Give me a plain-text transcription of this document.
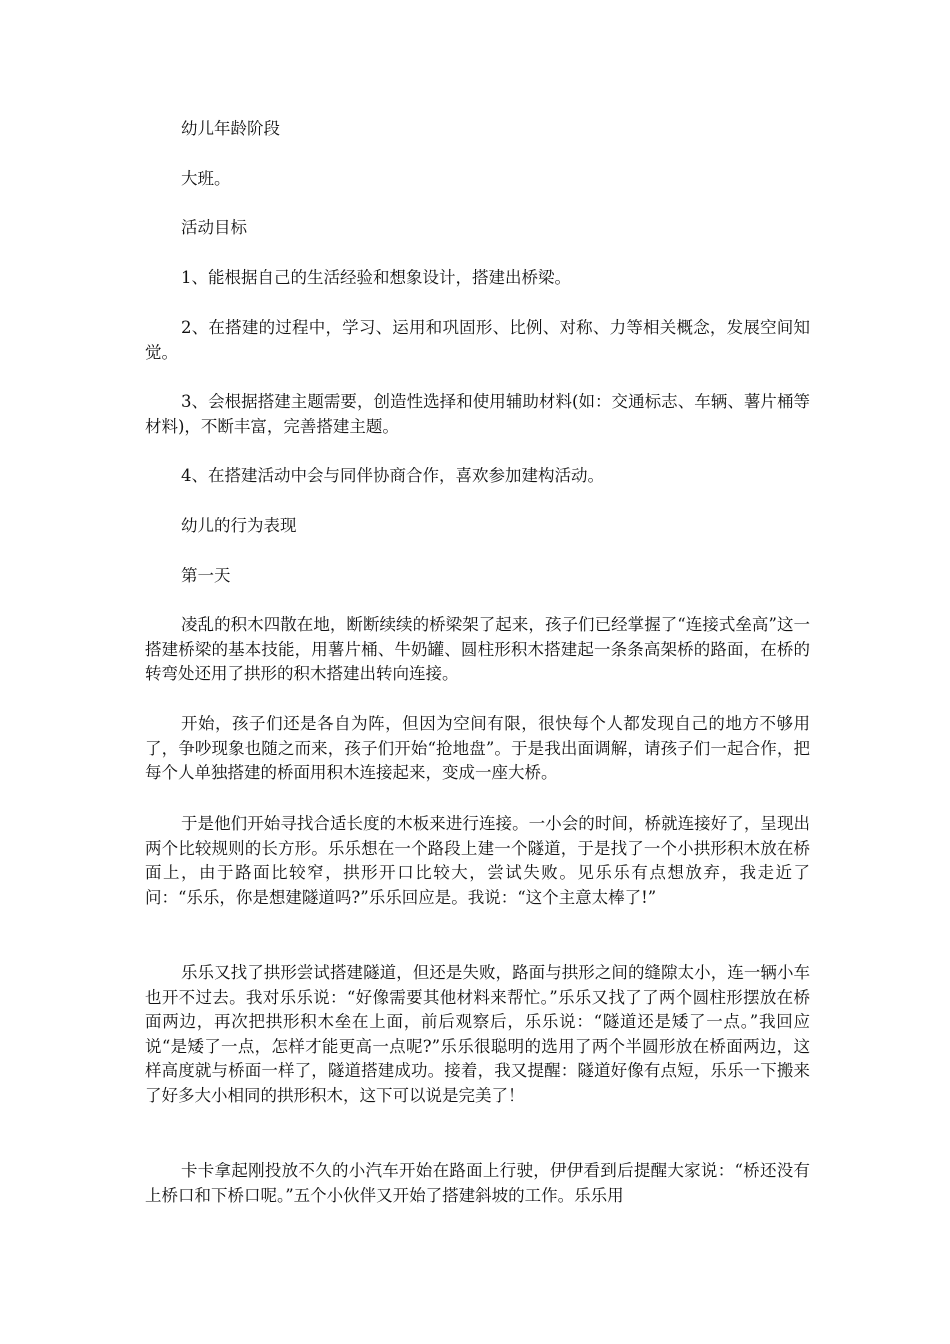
幼儿年龄阶段

大班。

活动目标

1、能根据自己的生活经验和想象设计，搭建出桥梁。

2、在搭建的过程中，学习、运用和巩固形、比例、对称、力等相关概念，发展空间知觉。

3、会根据搭建主题需要，创造性选择和使用辅助材料(如：交通标志、车辆、薯片桶等材料)，不断丰富，完善搭建主题。

4、在搭建活动中会与同伴协商合作，喜欢参加建构活动。

幼儿的行为表现

第一天

凌乱的积木四散在地，断断续续的桥梁架了起来，孩子们已经掌握了“连接式垒高”这一搭建桥梁的基本技能，用薯片桶、牛奶罐、圆柱形积木搭建起一条条高架桥的路面，在桥的转弯处还用了拱形的积木搭建出转向连接。

开始，孩子们还是各自为阵，但因为空间有限，很快每个人都发现自己的地方不够用了，争吵现象也随之而来，孩子们开始“抢地盘”。于是我出面调解，请孩子们一起合作，把每个人单独搭建的桥面用积木连接起来，变成一座大桥。

于是他们开始寻找合适长度的木板来进行连接。一小会的时间，桥就连接好了，呈现出两个比较规则的长方形。乐乐想在一个路段上建一个隧道，于是找了一个小拱形积木放在桥面上，由于路面比较窄，拱形开口比较大，尝试失败。见乐乐有点想放弃，我走近了问：“乐乐，你是想建隧道吗?”乐乐回应是。我说：“这个主意太棒了!”

乐乐又找了拱形尝试搭建隧道，但还是失败，路面与拱形之间的缝隙太小，连一辆小车也开不过去。我对乐乐说：“好像需要其他材料来帮忙。”乐乐又找了了两个圆柱形摆放在桥面两边，再次把拱形积木垒在上面，前后观察后，乐乐说：“隧道还是矮了一点。”我回应说“是矮了一点，怎样才能更高一点呢?”乐乐很聪明的选用了两个半圆形放在桥面两边，这样高度就与桥面一样了，隧道搭建成功。接着，我又提醒：隧道好像有点短，乐乐一下搬来了好多大小相同的拱形积木，这下可以说是完美了！

卡卡拿起刚投放不久的小汽车开始在路面上行驶，伊伊看到后提醒大家说：“桥还没有上桥口和下桥口呢。”五个小伙伴又开始了搭建斜坡的工作。乐乐用
